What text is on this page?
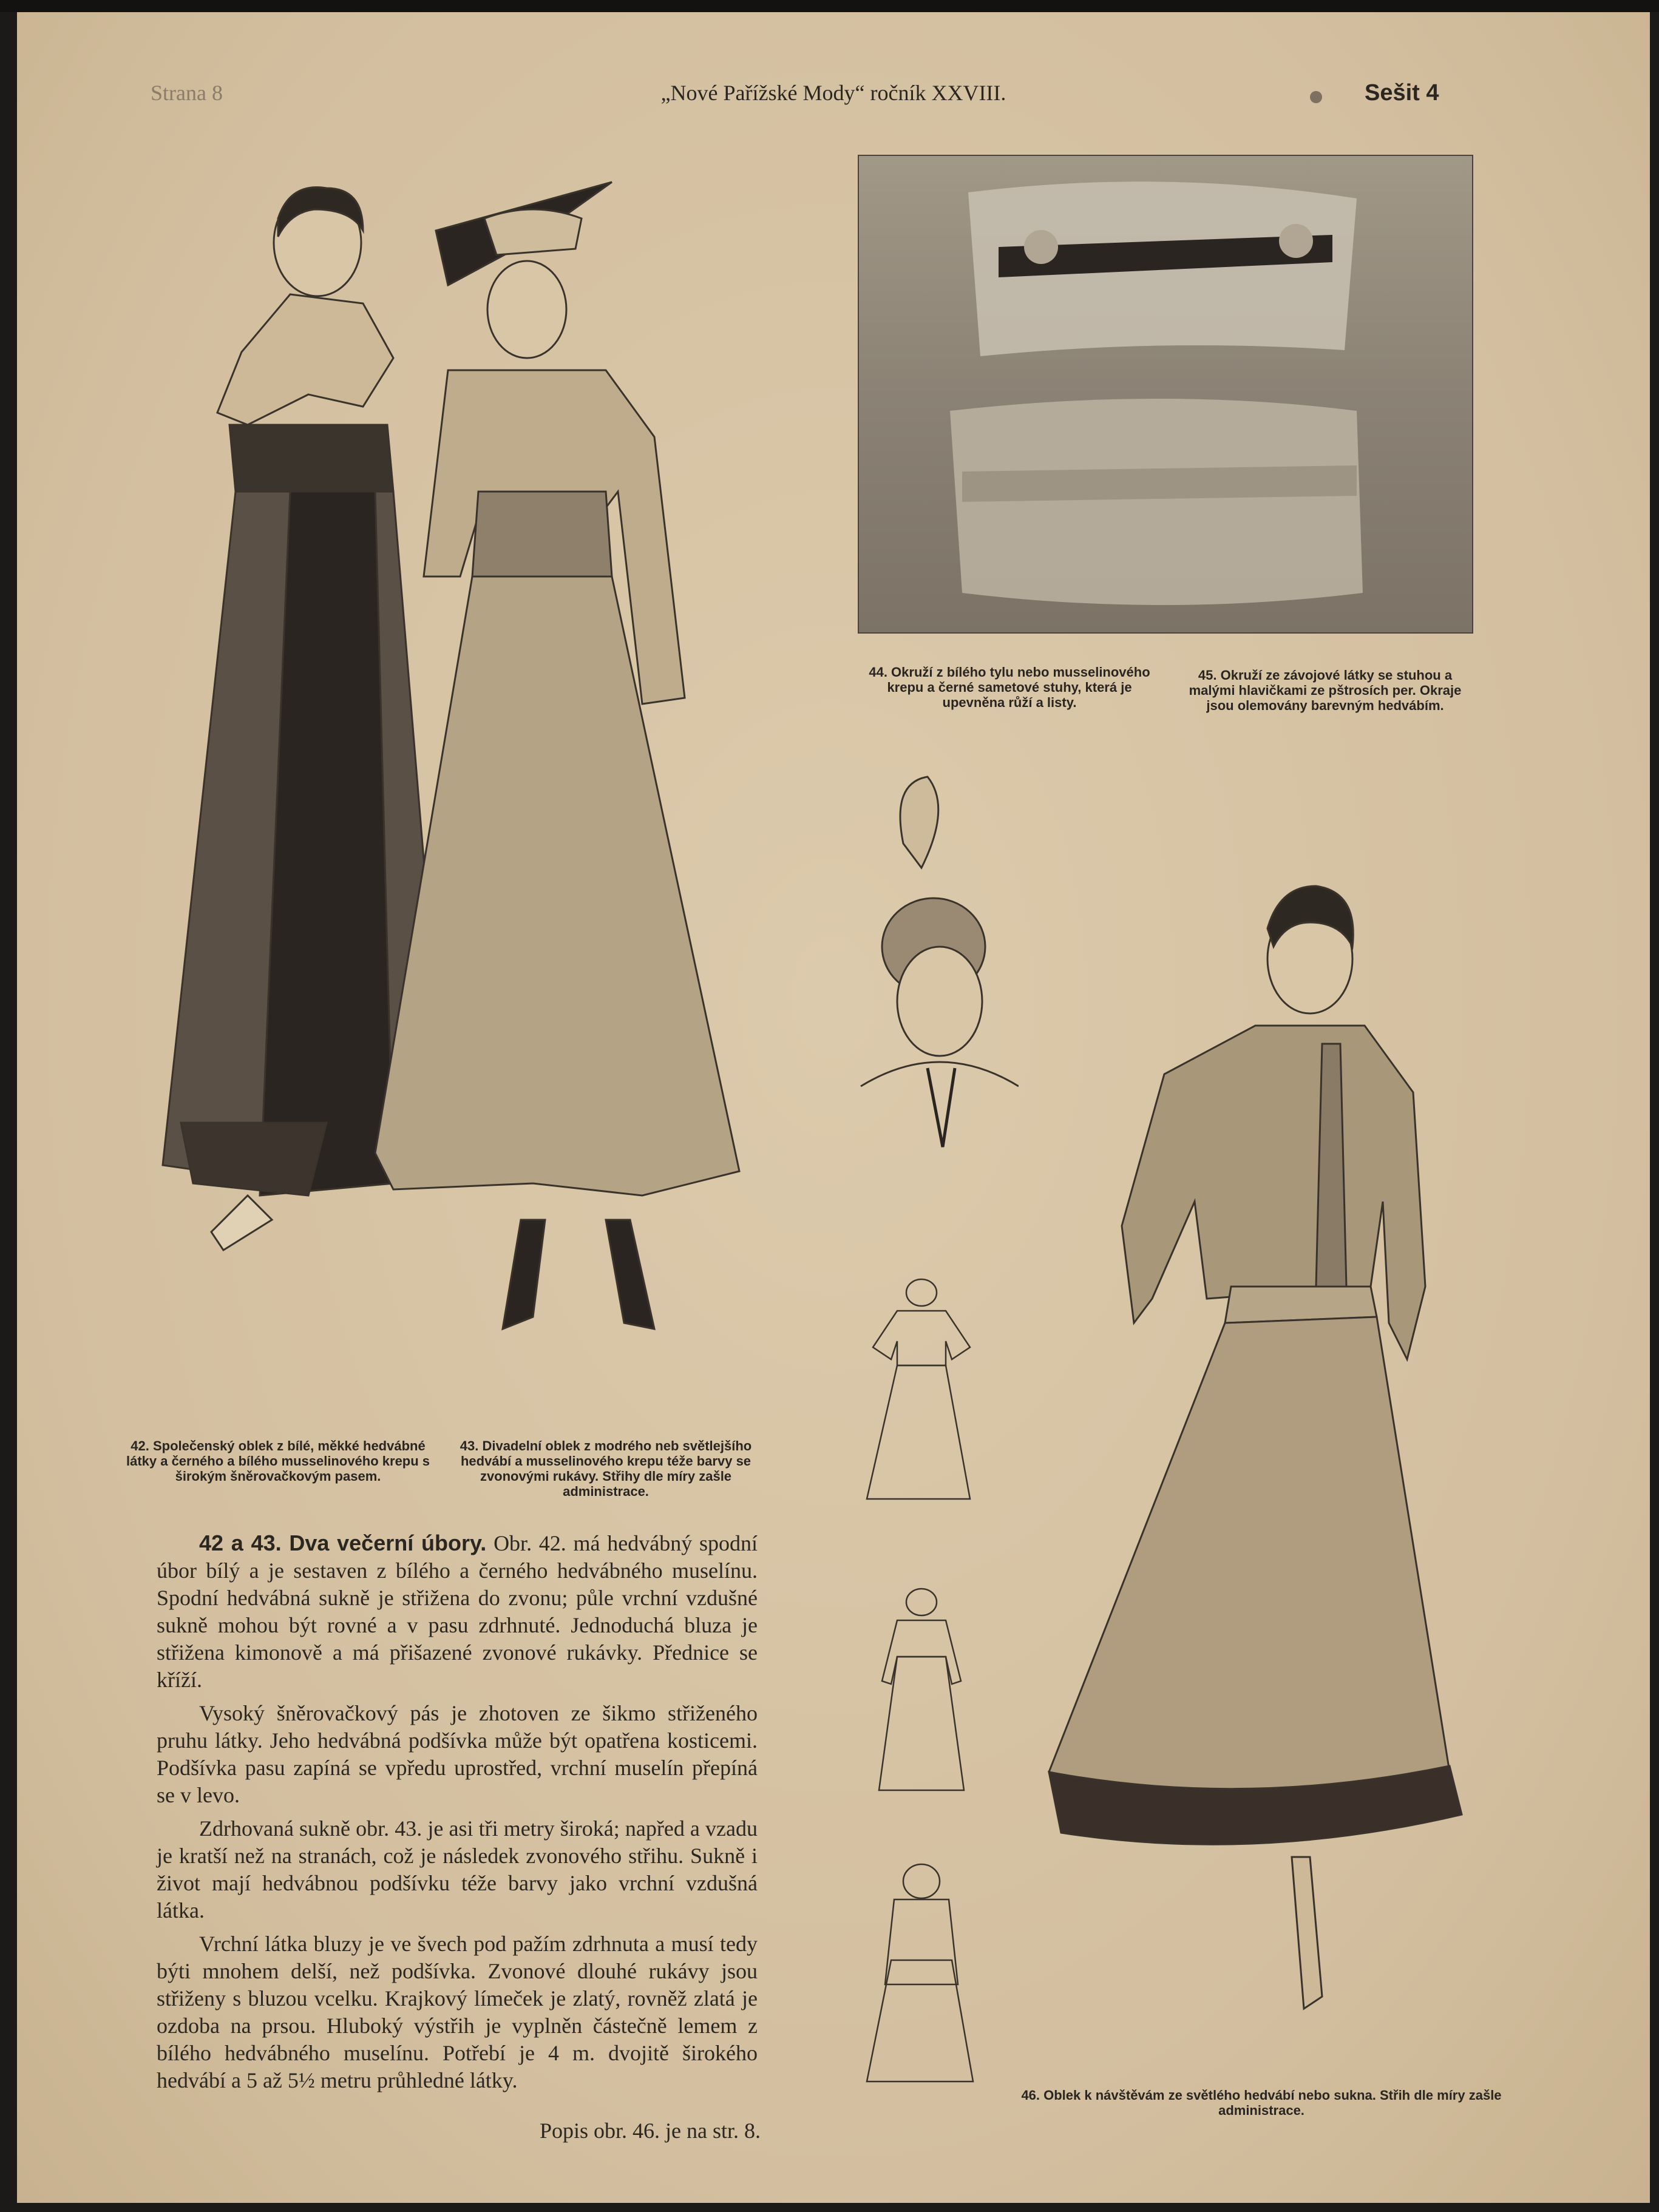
Strana 8	„Nové Pařížské Mody“ ročník XXVIII.	Sešit 4
44. Okruží z bílého tylu nebo musselinového krepu a černé sametové stuhy, která je upevněna růží a listy.
45. Okruží ze závojové látky se stuhou a malými hlavičkami ze pštrosích per. Okraje jsou olemovány barevným hedvábím.
42. Společenský oblek z bílé, měkké hedvábné látky a černého a bílého musselinového krepu s širokým šněrovačkovým pasem.
43. Divadelní oblek z modrého neb světlejšího hedvábí a musselinového krepu téže barvy se zvonovými rukávy. Střihy dle míry zašle administrace.
46. Oblek k návštěvám ze světlého hedvábí nebo sukna. Střih dle míry zašle administrace.

42 a 43. Dva večerní úbory. Obr. 42. má hedvábný spodní úbor bílý a je sestaven z bílého a černého hedvábného muselínu. Spodní hedvábná sukně je střižena do zvonu; půle vrchní vzdušné sukně mohou být rovné a v pasu zdrhnuté. Jednoduchá bluza je střižena kimonově a má přišazené zvonové rukávky. Přednice se kříží.

Vysoký šněrovačkový pás je zhotoven ze šikmo střiženého pruhu látky. Jeho hedvábná podšívka může být opatřena kosticemi. Podšívka pasu zapíná se vpředu uprostřed, vrchní muselín přepíná se v levo.

Zdrhovaná sukně obr. 43. je asi tři metry široká; napřed a vzadu je kratší než na stranách, což je následek zvonového střihu. Sukně i život mají hedvábnou podšívku téže barvy jako vrchní vzdušná látka.

Vrchní látka bluzy je ve švech pod pažím zdrhnuta a musí tedy býti mnohem delší, než podšívka. Zvonové dlouhé rukávy jsou střiženy s bluzou vcelku. Krajkový límeček je zlatý, rovněž zlatá je ozdoba na prsou. Hluboký výstřih je vyplněn částečně lemem z bílého hedvábného muselínu. Potřebí je 4 m. dvojitě širokého hedvábí a 5 až 5½ metru průhledné látky.

Popis obr. 46. je na str. 8.
